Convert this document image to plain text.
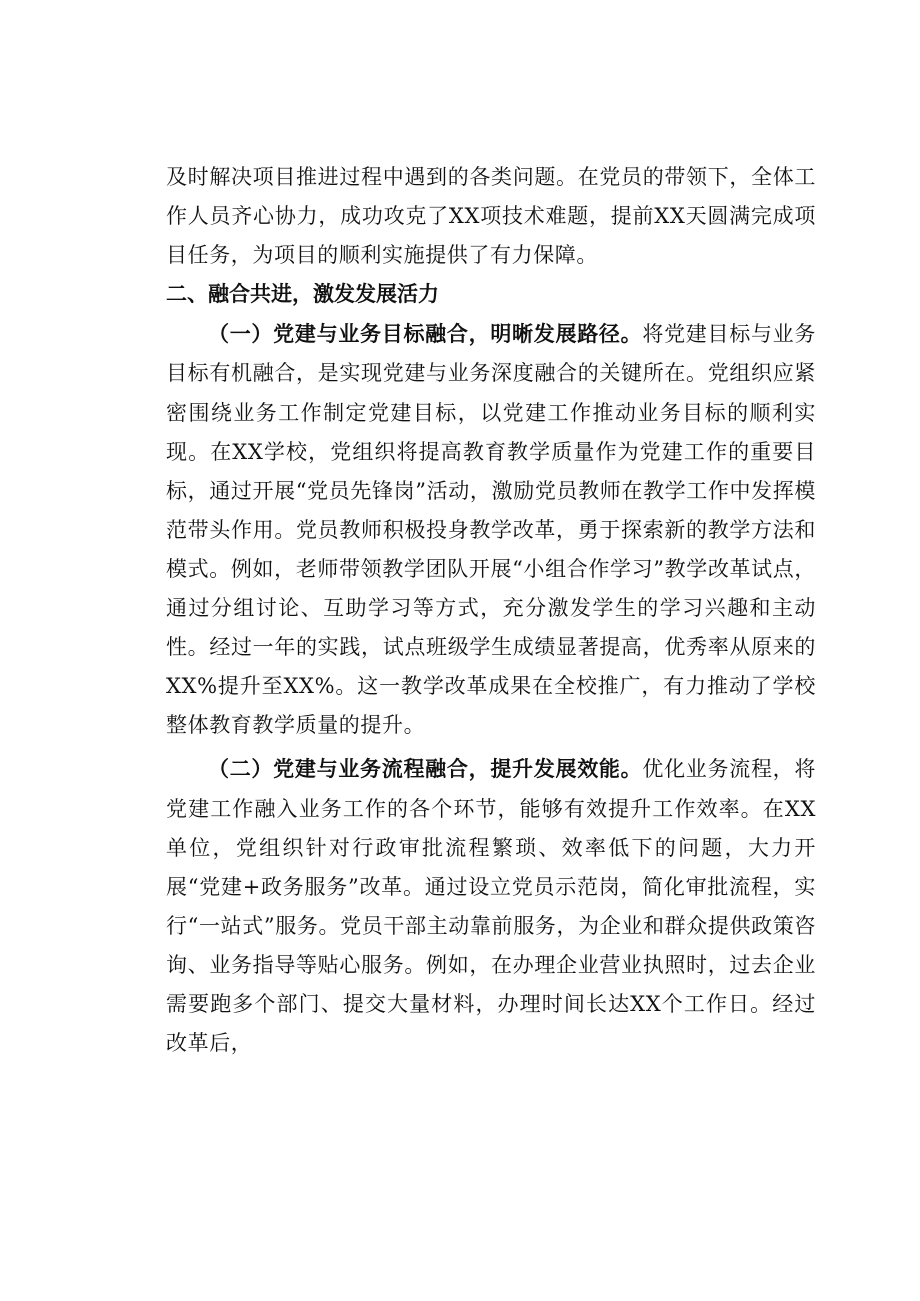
及时解决项目推进过程中遇到的各类问题。在党员的带领下，全体工作人员齐心协力，成功攻克了XX项技术难题，提前XX天圆满完成项目任务，为项目的顺利实施提供了有力保障。

二、融合共进，激发发展活力

（一）党建与业务目标融合，明晰发展路径。将党建目标与业务目标有机融合，是实现党建与业务深度融合的关键所在。党组织应紧密围绕业务工作制定党建目标，以党建工作推动业务目标的顺利实现。在XX学校，党组织将提高教育教学质量作为党建工作的重要目标，通过开展“党员先锋岗”活动，激励党员教师在教学工作中发挥模范带头作用。党员教师积极投身教学改革，勇于探索新的教学方法和模式。例如，老师带领教学团队开展“小组合作学习”教学改革试点，通过分组讨论、互助学习等方式，充分激发学生的学习兴趣和主动性。经过一年的实践，试点班级学生成绩显著提高，优秀率从原来的XX%提升至XX%。这一教学改革成果在全校推广，有力推动了学校整体教育教学质量的提升。

（二）党建与业务流程融合，提升发展效能。优化业务流程，将党建工作融入业务工作的各个环节，能够有效提升工作效率。在XX单位，党组织针对行政审批流程繁琐、效率低下的问题，大力开展“党建+政务服务”改革。通过设立党员示范岗，简化审批流程，实行“一站式”服务。党员干部主动靠前服务，为企业和群众提供政策咨询、业务指导等贴心服务。例如，在办理企业营业执照时，过去企业需要跑多个部门、提交大量材料，办理时间长达XX个工作日。经过改革后，
